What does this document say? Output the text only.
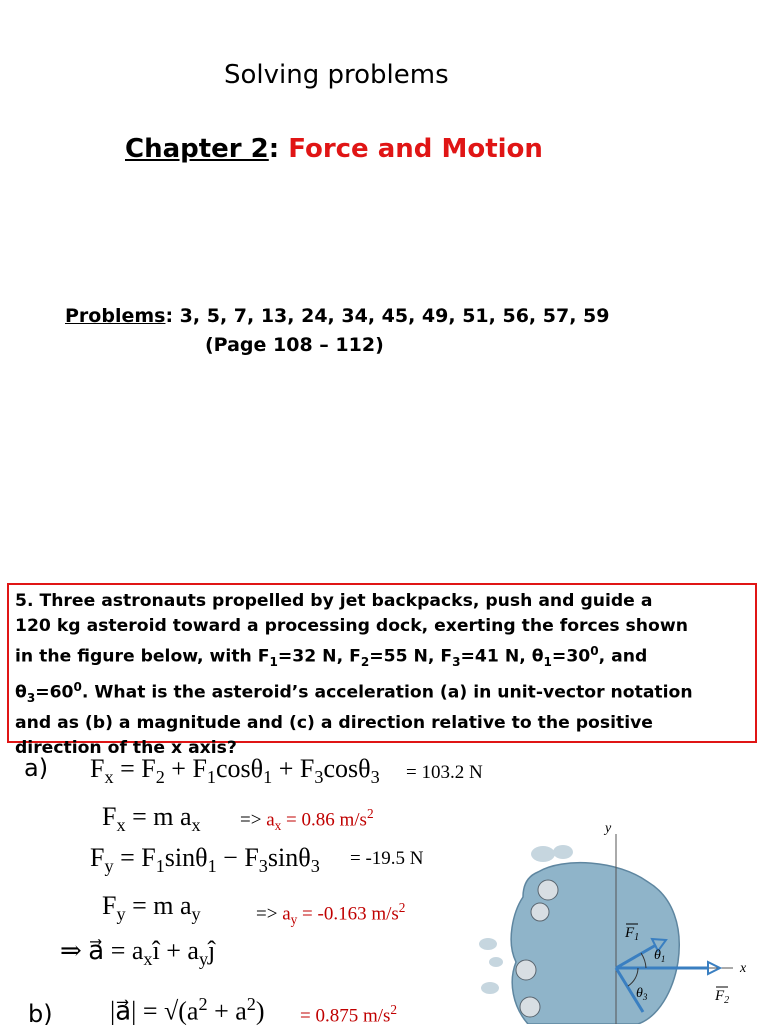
Solving problems
Chapter 2: Force and Motion
Problems: 3, 5, 7, 13, 24, 34, 45, 49, 51, 56, 57, 59
(Page 108 – 112)
5. Three astronauts propelled by jet backpacks, push and guide a
120 kg asteroid toward a processing dock, exerting the forces shown
in the figure below, with $F_1=32$ N, $F_2=55$ N, $F_3=41$ N, $\theta_1=30^0$, and
$\theta_3=60^0$. What is the asteroid’s acceleration (a) in unit-vector notation
and as (b) a magnitude and (c) a direction relative to the positive
direction of the x axis?
a) $F_x = F_2 + F_1\cos\theta_1 + F_3\cos\theta_3 = 103.2$ N
$F_x = m$ $a_x => a_x = 0.86$ $m/s^2$
$F_y = F_1\sin\theta_1 - F_3\sin\theta_3 = -19.5$ N
$F_y = m$ $a_y$	=> $a_y = -0.163$ $m/s^2$
⇒ a⃗ = $a_xî$ + $a_yĵ$
b) |a⃗| = $√(a^2 + a^2) = 0.875$ $m/s^2$
y
x
$F_1$
$\theta_1$
$\theta_3$	$F_2$
